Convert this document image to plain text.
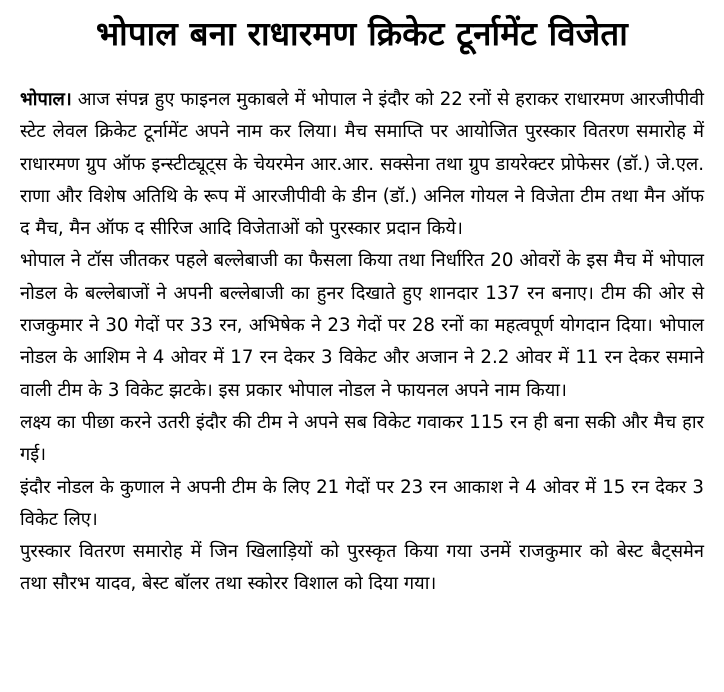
भोपाल बना राधारमण क्रिकेट टूर्नामेंट विजेता

भोपाल। आज संपन्न हुए फाइनल मुकाबले में भोपाल ने इंदौर को 22 रनों से हराकर राधारमण आरजीपीवी स्टेट लेवल क्रिकेट टूर्नामेंट अपने नाम कर लिया। मैच समाप्ति पर आयोजित पुरस्कार वितरण समारोह में राधारमण ग्रुप ऑफ इन्स्टीट्यूट्स के चेयरमेन आर.आर. सक्सेना तथा ग्रुप डायरेक्टर प्रोफेसर (डॉ.) जे.एल. राणा और विशेष अतिथि के रूप में आरजीपीवी के डीन (डॉ.) अनिल गोयल ने विजेता टीम तथा मैन ऑफ द मैच, मैन ऑफ द सीरिज आदि विजेताओं को पुरस्कार प्रदान किये।

भोपाल ने टॉस जीतकर पहले बल्लेबाजी का फैसला किया तथा निर्धारित 20 ओवरों के इस मैच में भोपाल नोडल के बल्लेबाजों ने अपनी बल्लेबाजी का हुनर दिखाते हुए शानदार 137 रन बनाए। टीम की ओर से राजकुमार ने 30 गेदों पर 33 रन, अभिषेक ने 23 गेदों पर 28 रनों का महत्वपूर्ण योगदान दिया। भोपाल नोडल के आशिम ने 4 ओवर में 17 रन देकर 3 विकेट और अजान ने 2.2 ओवर में 11 रन देकर समाने वाली टीम के 3 विकेट झटके। इस प्रकार भोपाल नोडल ने फायनल अपने नाम किया।

लक्ष्य का पीछा करने उतरी इंदौर की टीम ने अपने सब विकेट गवाकर 115 रन ही बना सकी और मैच हार गई।

इंदौर नोडल के कुणाल ने अपनी टीम के लिए 21 गेदों पर 23 रन आकाश ने 4 ओवर में 15 रन देकर 3 विकेट लिए।

पुरस्कार वितरण समारोह में जिन खिलाड़ियों को पुरस्कृत किया गया उनमें राजकुमार को बेस्ट बैट्समेन तथा सौरभ यादव, बेस्ट बॉलर तथा स्कोरर विशाल को दिया गया।
